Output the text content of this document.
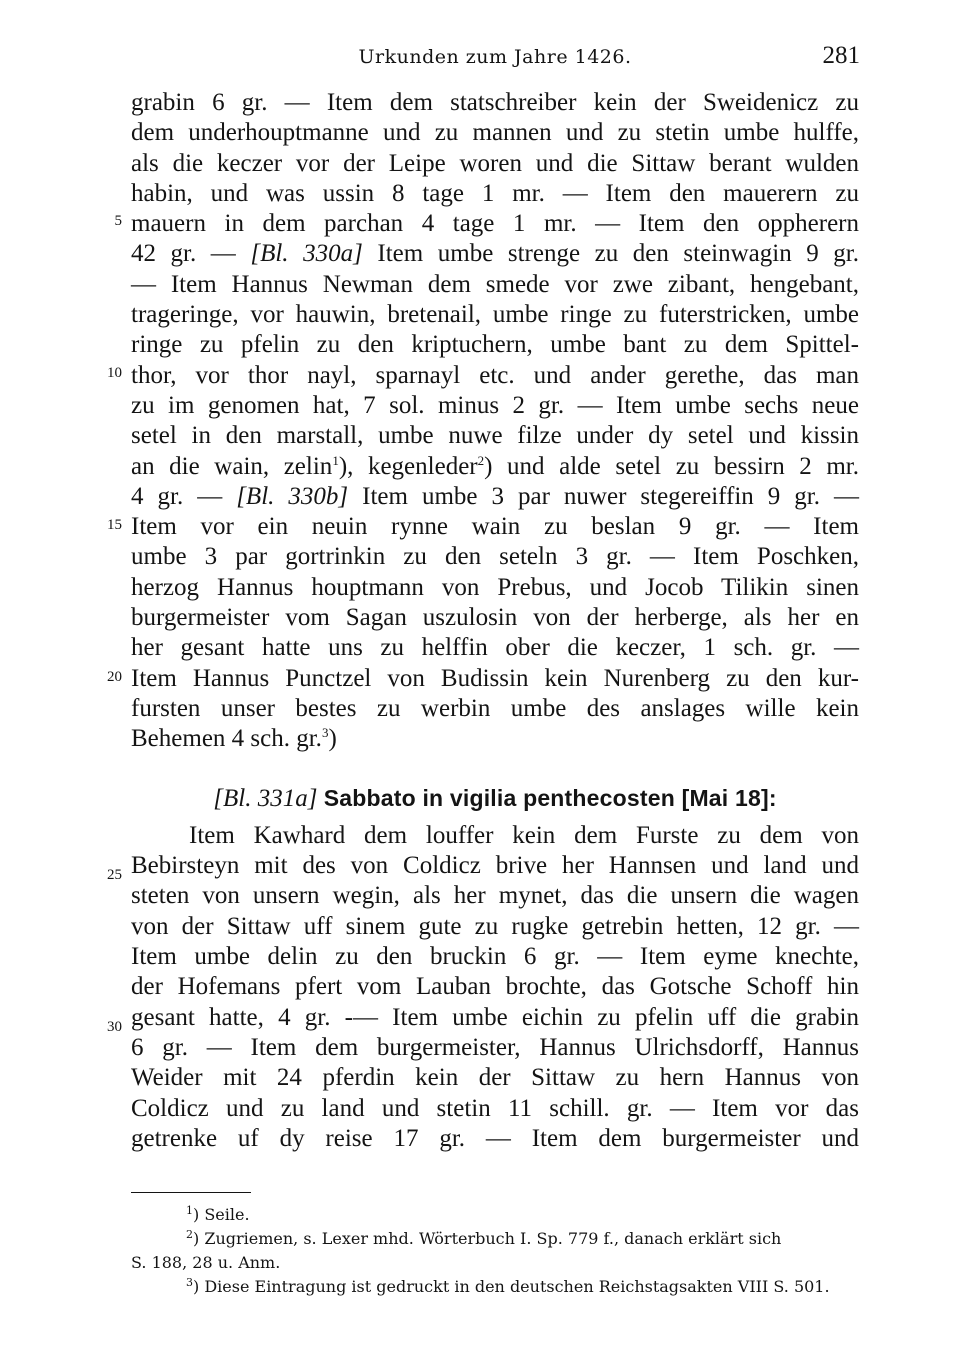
Urkunden zum Jahre 1426.	281
5
10
15
20
25
30
grabin 6 gr. — Item dem statschreiber kein der Sweidenicz zu
dem underhouptmanne und zu mannen und zu stetin umbe hulffe,
als die keczer vor der Leipe woren und die Sittaw berant wulden
habin, und was ussin 8 tage 1 mr. — Item den mauerern zu
mauern in dem parchan 4 tage 1 mr. — Item den oppherern
42 gr. — [Bl. 330a] Item umbe strenge zu den steinwagin 9 gr.
— Item Hannus Newman dem smede vor zwe zibant, hengebant,
trageringe, vor hauwin, bretenail, umbe ringe zu futerstricken, umbe
ringe zu pfelin zu den kriptuchern, umbe bant zu dem Spittel-
thor, vor thor nayl, sparnayl etc. und ander gerethe, das man
zu im genomen hat, 7 sol. minus 2 gr. — Item umbe sechs neue
setel in den marstall, umbe nuwe filze under dy setel und kissin
an die wain, zelin$^1$), kegenleder$^2$) und alde setel zu bessirn 2 mr.
4 gr. — [Bl. 330b] Item umbe 3 par nuwer stegereiffin 9 gr. —
Item vor ein neuin rynne wain zu beslan 9 gr. — Item
umbe 3 par gortrinkin zu den seteln 3 gr. — Item Poschken,
herzog Hannus houptmann von Prebus, und Jocob Tilikin sinen
burgermeister vom Sagan uszulosin von der herberge, als her en
her gesant hatte uns zu helffin ober die keczer, 1 sch. gr. —
Item Hannus Punctzel von Budissin kein Nurenberg zu den kur-
fursten unser bestes zu werbin umbe des anslages wille kein
Behemen 4 sch. gr.$^3$)
[Bl. 331a] Sabbato in vigilia penthecosten [Mai 18]:
Item Kawhard dem louffer kein dem Furste zu dem von
Bebirsteyn mit des von Coldicz brive her Hannsen und land und
steten von unsern wegin, als her mynet, das die unsern die wagen
von der Sittaw uff sinem gute zu rugke getrebin hetten, 12 gr. —
Item umbe delin zu den bruckin 6 gr. — Item eyme knechte,
der Hofemans pfert vom Lauban brochte, das Gotsche Schoff hin
gesant hatte, 4 gr. -— Item umbe eichin zu pfelin uff die grabin
6 gr. — Item dem burgermeister, Hannus Ulrichsdorff, Hannus
Weider mit 24 pferdin kein der Sittaw zu hern Hannus von
Coldicz und zu land und stetin 11 schill. gr. — Item vor das
getrenke uf dy reise 17 gr. — Item dem burgermeister und
$^1$) Seile.
$^2$) Zugriemen, s. Lexer mhd. Wörterbuch I. Sp. 779 f., danach erklärt sich
S. 188, 28 u. Anm.
$^3$) Diese Eintragung ist gedruckt in den deutschen Reichstagsakten VIII S. 501.
